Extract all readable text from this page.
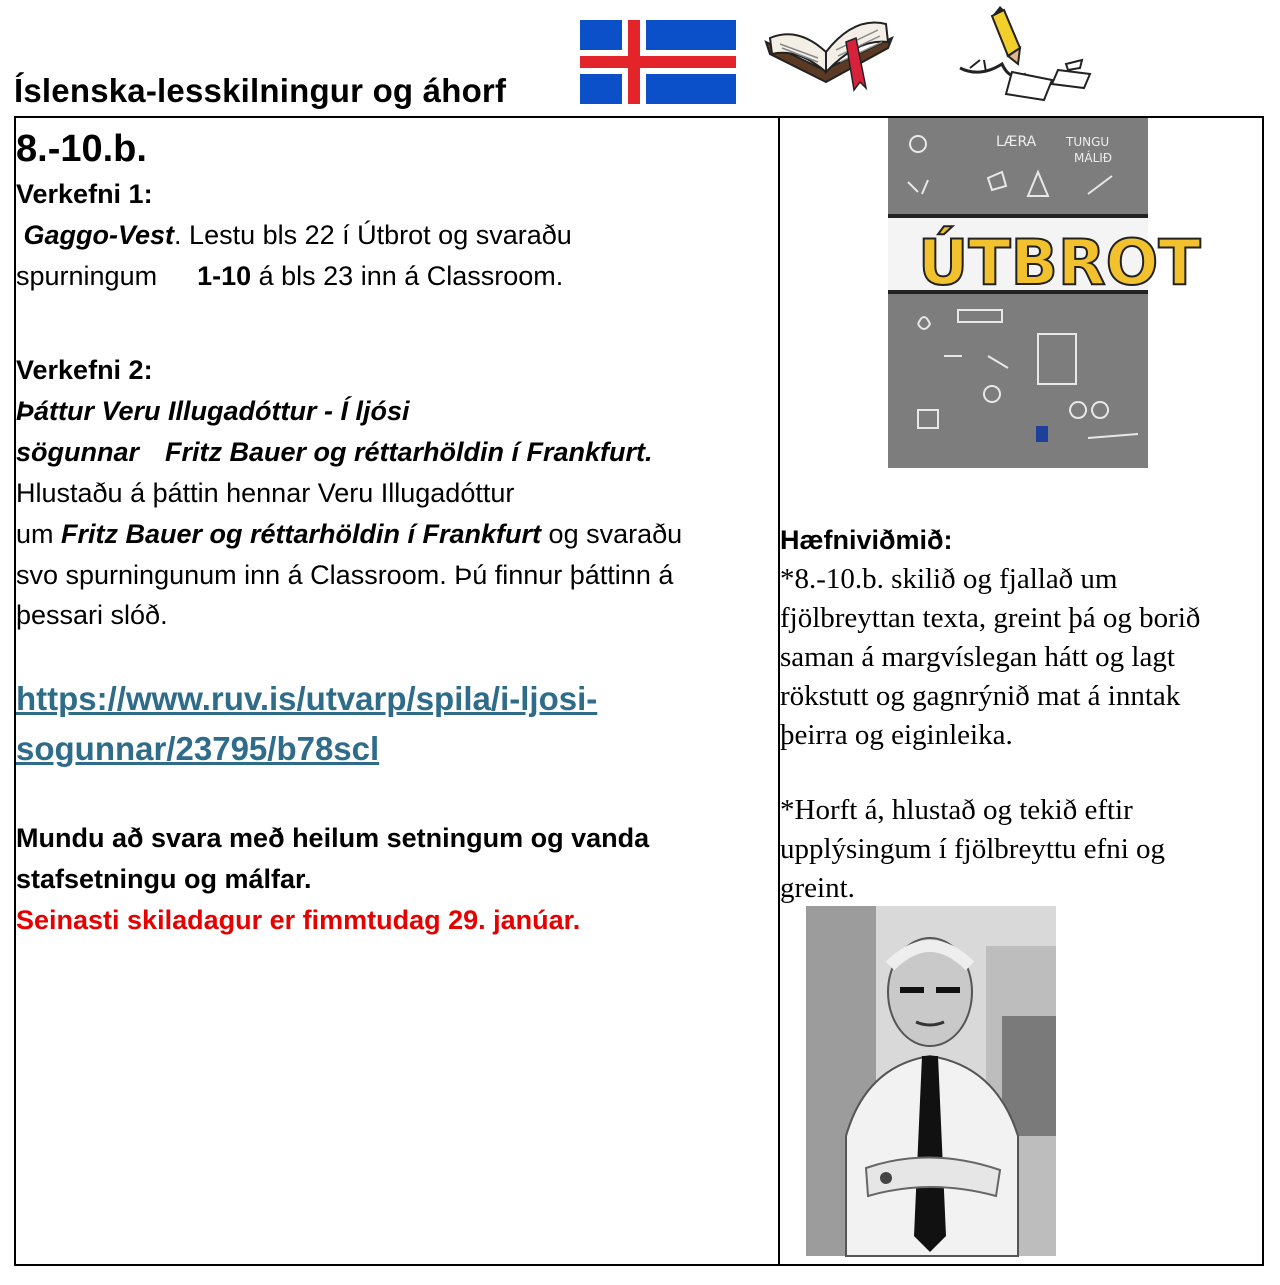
Íslenska-lesskilningur og áhorf
8.-10.b.
Verkefni 1:
Gaggo-Vest. Lestu bls 22 í Útbrot og svaraðu
spurningum 1-10 á bls 23 inn á Classroom.
Verkefni 2:
Þáttur Veru Illugadóttur - Í ljósi
sögunnar Fritz Bauer og réttarhöldin í Frankfurt.
Hlustaðu á þáttin hennar Veru Illugadóttur
um Fritz Bauer og réttarhöldin í Frankfurt og svaraðu
svo spurningunum inn á Classroom. Þú finnur þáttinn á
þessari slóð.
https://www.ruv.is/utvarp/spila/i-ljosi-
sogunnar/23795/b78scl
Mundu að svara með heilum setningum og vanda
stafsetningu og málfar.
Seinasti skiladagur er fimmtudag 29. janúar.
LÆRA TUNGU
MÁLIÐ
ÚTBROT
Hæfniviðmið:
*8.-10.b. skilið og fjallað um
fjölbreyttan texta, greint þá og borið
saman á margvíslegan hátt og lagt
rökstutt og gagnrýnið mat á inntak
þeirra og eiginleika.
*Horft á, hlustað og tekið eftir
upplýsingum í fjölbreyttu efni og
greint.
